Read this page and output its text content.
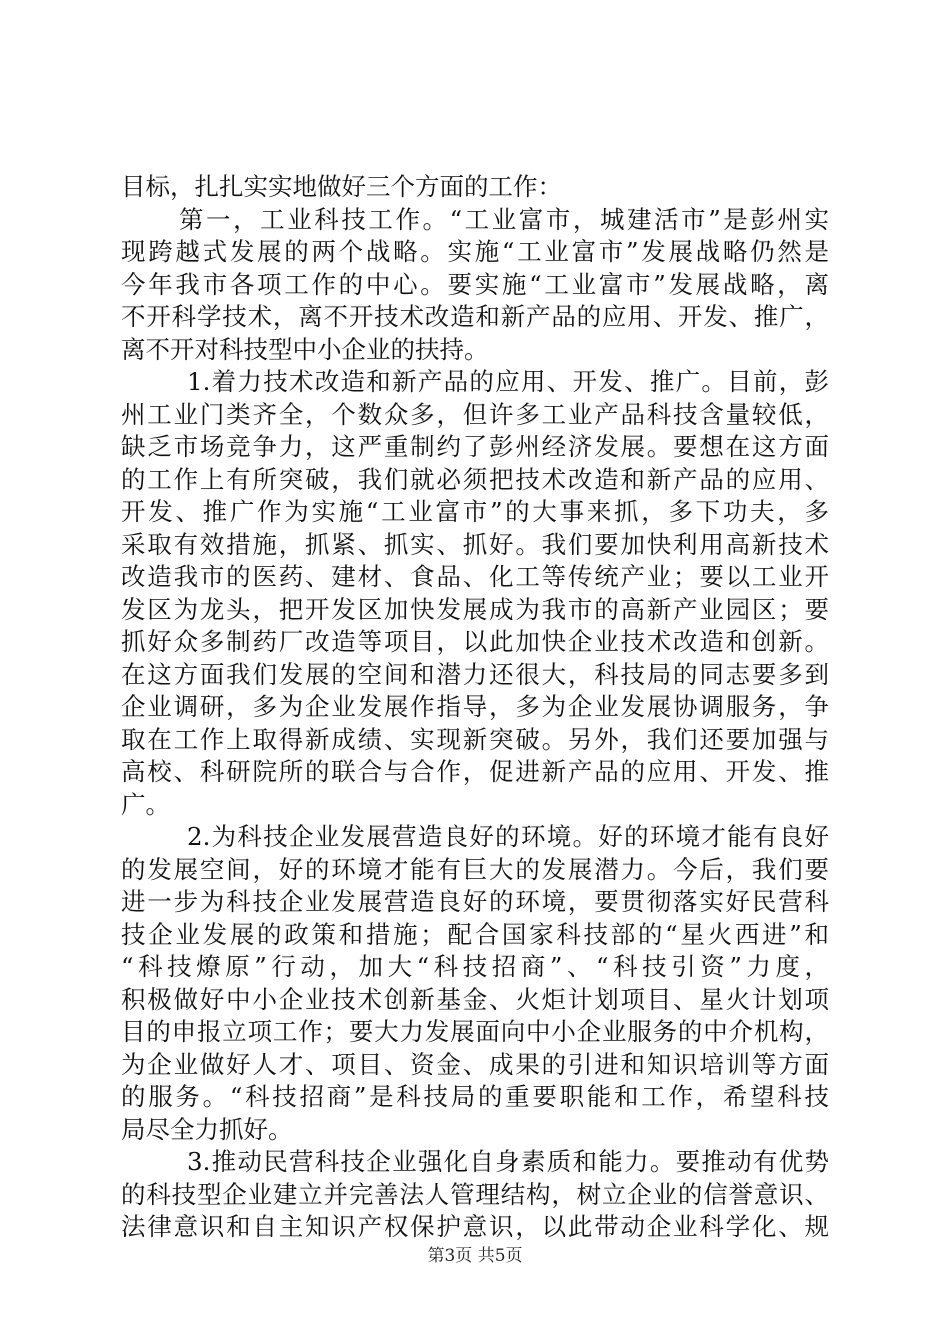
目标，扎扎实实地做好三个方面的工作：
第一，工业科技工作。“工业富市，城建活市”是彭州实
现跨越式发展的两个战略。实施“工业富市”发展战略仍然是
今年我市各项工作的中心。要实施“工业富市”发展战略，离
不开科学技术，离不开技术改造和新产品的应用、开发、推广，
离不开对科技型中小企业的扶持。
1.着力技术改造和新产品的应用、开发、推广。目前，彭
州工业门类齐全，个数众多，但许多工业产品科技含量较低，
缺乏市场竞争力，这严重制约了彭州经济发展。要想在这方面
的工作上有所突破，我们就必须把技术改造和新产品的应用、
开发、推广作为实施“工业富市”的大事来抓，多下功夫，多
采取有效措施，抓紧、抓实、抓好。我们要加快利用高新技术
改造我市的医药、建材、食品、化工等传统产业；要以工业开
发区为龙头，把开发区加快发展成为我市的高新产业园区；要
抓好众多制药厂改造等项目，以此加快企业技术改造和创新。
在这方面我们发展的空间和潜力还很大，科技局的同志要多到
企业调研，多为企业发展作指导，多为企业发展协调服务，争
取在工作上取得新成绩、实现新突破。另外，我们还要加强与
高校、科研院所的联合与合作，促进新产品的应用、开发、推
广。
2.为科技企业发展营造良好的环境。好的环境才能有良好
的发展空间，好的环境才能有巨大的发展潜力。今后，我们要
进一步为科技企业发展营造良好的环境，要贯彻落实好民营科
技企业发展的政策和措施；配合国家科技部的“星火西进”和
“科技燎原”行动，加大“科技招商”、“科技引资”力度，
积极做好中小企业技术创新基金、火炬计划项目、星火计划项
目的申报立项工作；要大力发展面向中小企业服务的中介机构，
为企业做好人才、项目、资金、成果的引进和知识培训等方面
的服务。“科技招商”是科技局的重要职能和工作，希望科技
局尽全力抓好。
3.推动民营科技企业强化自身素质和能力。要推动有优势
的科技型企业建立并完善法人管理结构，树立企业的信誉意识、
法律意识和自主知识产权保护意识，以此带动企业科学化、规
第3页 共5页
